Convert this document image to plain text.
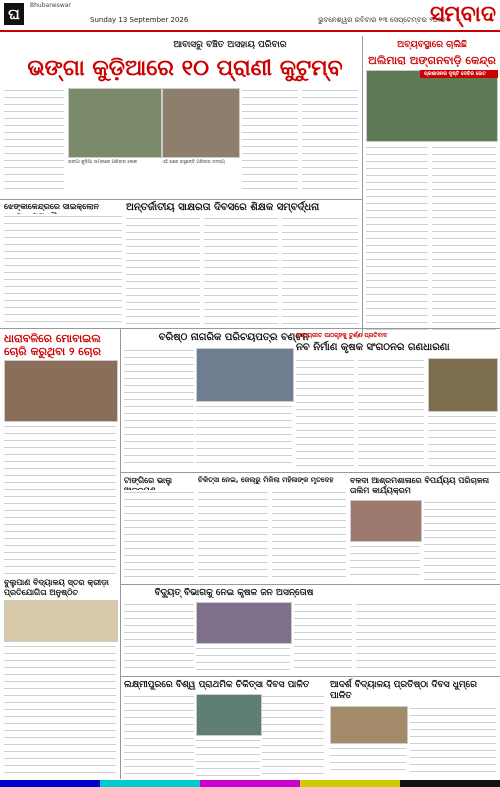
ଘ	Bhubaneswar
Sunday 13 September 2026	ଭୁବନେଶ୍ୱର ରବିବାର ୧୩ ସେପ୍ଟେମ୍ବର ୨୦୨୬
ସମ୍ବାଦ
ଆବାସରୁ ବଞ୍ଚିତ ଅସହାୟ ପରିବାର
ଭଙ୍ଗା କୁଡ଼ିଆରେ ୧୦ ପ୍ରାଣୀ କୁଟୁମ୍ବ
ଭଙ୍ଗା କୁଡ଼ିଆ ସାମ୍ନାରେ ପରିବାର ଲୋକ	ଏହି ଘରେ ରହୁଛନ୍ତି ପରିବାର ସଦସ୍ୟ
ଅବ୍ୟବସ୍ଥାରେ ଚାଲିଛି
ଅଲିମାରା ଅଙ୍ଗନବାଡ଼ି କେନ୍ଦ୍ର
ପ୍ରଶାସନର ଦୃଷ୍ଟି ଦେବିକ ଭେଟ
ଝେଙ୍କାକେନ୍ଦ୍ରରେ ସାଇକ୍ଲୋନ	ଅନ୍ତର୍ଜାତୀୟ ସାକ୍ଷରତା ଦିବସରେ ଶିକ୍ଷକ ସମ୍ବର୍ଦ୍ଧନା
ଧାରାବଳିରେ ମୋବାଇଲ ଚୋରି କରୁଥିବା ୨ ଚୋର
ବୁଲୁପାଣ ବିଦ୍ୟାଳୟ ସ୍ତର କ୍ରୀଡ଼ା ପ୍ରତିଯୋଗିତା ଅନୁଷ୍ଠିତ
ବରିଷ୍ଠ ନାଗରିକ ପରିଚୟପତ୍ର ବଣ୍ଟନ
ଜାତୀୟଗୀତ ପାଠଗୃହକୁ ତୁର୍ଣ୍ଣ ପ୍ରତିବାଦ
ନବ ନିର୍ମାଣ କୃଷକ ସଂଗଠନର ଗଣଧାରଣା
ଟାଙ୍ଗିରେ ଭାଲୁ	ଚିକିତ୍ସା ନେଇ, ଜେଲ୍ରୁ ମିଳିଲା ମହିଳାଙ୍କ ମୃତଦେହ	ବଳଦା ଆଶ୍ରମଶାଳାରେ ବିପର୍ଯ୍ୟୟ ପରିଚାଳନା ତାଲିମ କାର୍ଯ୍ୟକ୍ରମ
ବିଦ୍ୟୁତ୍ ବିଭାଗକୁ ନେଇ କୃଷକ ଜନ ଅସନ୍ତୋଷ
ଲକ୍ଷ୍ମୀପୁରରେ ବିଶ୍ୱ ପ୍ରାଥମିକ ଚିକିତ୍ସା ଦିବସ ପାଳିତ	ଆଦର୍ଶ ବିଦ୍ୟାଳୟ ପ୍ରତିଷ୍ଠା ଦିବସ ଧୁମ୍ରେ ପାଳିତ
